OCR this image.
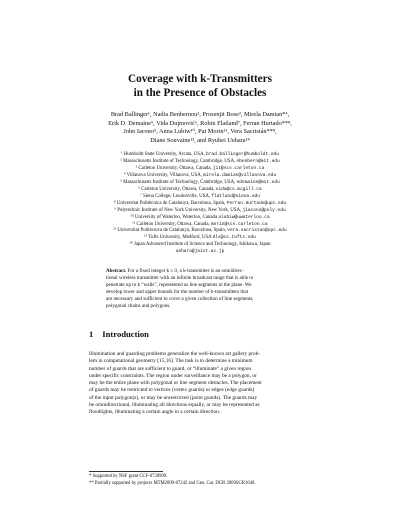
Coverage with k-Transmitters
in the Presence of Obstacles
Brad Ballinger¹, Nadia Benbernou², Prosenjit Bose³, Mirela Damian*⁴,
Erik D. Demaine⁵, Vida Dujmović⁶, Robin Flatland⁷, Ferran Hurtado**⁸,
John Iacono⁹, Anna Lubiw¹⁰, Pat Morin¹¹, Vera Sacristán**⁸,
Diane Souvaine¹³, and Ryuhei Uehara¹⁴
¹ Humboldt State University, Arcata, USA, brad.ballinger@humboldt.edu
² Massachusetts Institute of Technology, Cambridge, USA, nbenbern@mit.edu
³ Carleton University, Ottawa, Canada, jit@scs.carleton.ca
⁴ Villanova University, Villanova, USA, mirela.damian@villanova.edu
⁵ Massachusetts Institute of Technology, Cambridge, USA, edemaine@mit.edu
⁶ Carleton University, Ottawa, Canada, vida@cs.mcgill.ca
⁷ Siena College, Loudonville, USA, flatland@siena.edu
⁸ Universitat Politècnica de Catalunya, Barcelona, Spain, Ferran.Hurtado@upc.edu
⁹ Polytechnic Institute of New York University, New York, USA, jiacono@poly.edu
¹⁰ University of Waterloo, Waterloo, Canada alubiw@uwaterloo.ca
¹¹ Carleton University, Ottawa, Canada, morin@scs.carleton.ca
¹² Universitat Politècnica de Catalunya, Barcelona, Spain, vera.sacristan@upc.edu
¹³ Tufts University, Medford, USA dls@cs.tufts.edu
¹⁴ Japan Advanced Institute of Science and Technology, Ishikawa, Japan
uehara@jaist.ac.jp
Abstract. For a fixed integer k ≥ 0, a k-transmitter is an omnidirec-
tional wireless transmitter with an infinite broadcast range that is able to
penetrate up to k “walls”, represented as line segments in the plane. We
develop lower and upper bounds for the number of k-transmitters that
are necessary and sufficient to cover a given collection of line segments,
polygonal chains and polygons.
1 Introduction
Illumination and guarding problems generalize the well-known art gallery prob-
lem in computational geometry [15,16]. The task is to determine a minimum
number of guards that are sufficient to guard, or “illuminate” a given region
under specific constraints. The region under surveillance may be a polygon, or
may be the entire plane with polygonal or line segment obstacles. The placement
of guards may be restricted to vertices (vertex guards) or edges (edge guards)
of the input polygon(s), or may be unrestricted (point guards). The guards may
be omnidirectional, illuminating all directions equally, or may be represented as
floodlights, illuminating a certain angle in a certain direction.
* Supported by NSF grant CCF-0728909.
** Partially supported by projects MTM2009-07242 and Gen. Cat. DGR 2009SGR1040.
